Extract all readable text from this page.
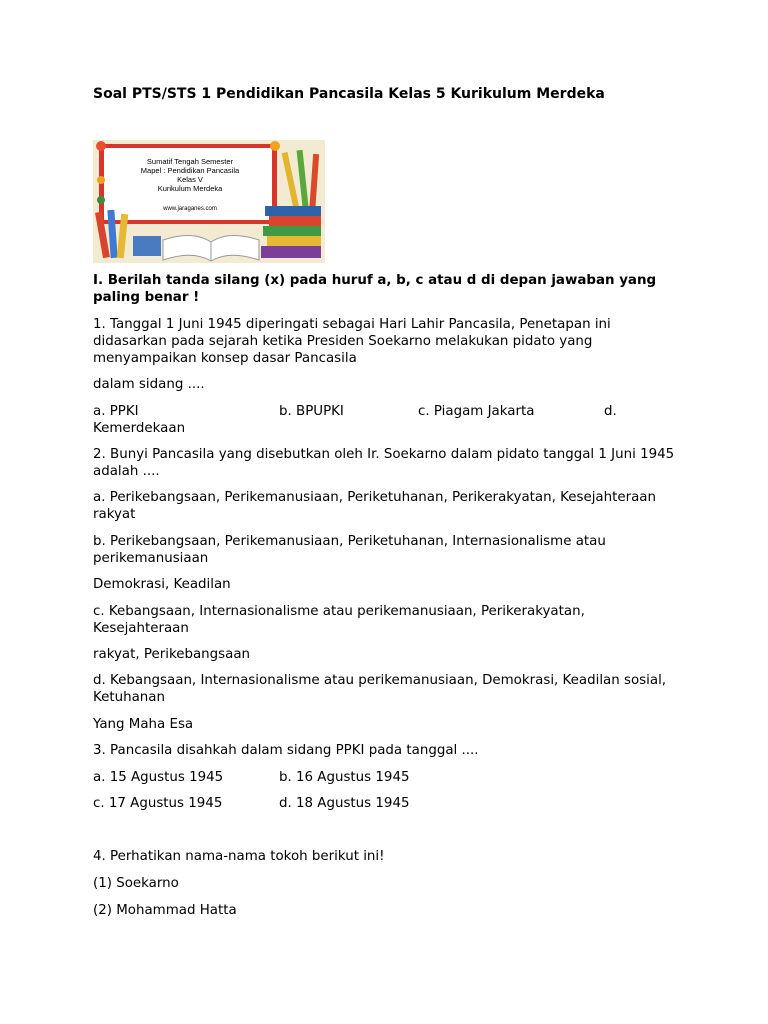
Soal PTS/STS 1 Pendidikan Pancasila Kelas 5 Kurikulum Merdeka
Sumatif Tengah Semester
Mapel : Pendidikan Pancasila
Kelas V
Kurikulum Merdeka
www.jaraganes.com
I. Berilah tanda silang (x) pada huruf a, b, c atau d di depan jawaban yang paling benar !
1. Tanggal 1 Juni 1945 diperingati sebagai Hari Lahir Pancasila, Penetapan ini didasarkan pada sejarah ketika Presiden Soekarno melakukan pidato yang menyampaikan konsep dasar Pancasila
dalam sidang ....
a. PPKI	b. BPUPKI	c. Piagam Jakarta	d.
Kemerdekaan
2. Bunyi Pancasila yang disebutkan oleh Ir. Soekarno dalam pidato tanggal 1 Juni 1945 adalah ....
a. Perikebangsaan, Perikemanusiaan, Periketuhanan, Perikerakyatan, Kesejahteraan rakyat
b. Perikebangsaan, Perikemanusiaan, Periketuhanan, Internasionalisme atau perikemanusiaan
Demokrasi, Keadilan
c. Kebangsaan, Internasionalisme atau perikemanusiaan, Perikerakyatan, Kesejahteraan
rakyat, Perikebangsaan
d. Kebangsaan, Internasionalisme atau perikemanusiaan, Demokrasi, Keadilan sosial, Ketuhanan
Yang Maha Esa
3. Pancasila disahkah dalam sidang PPKI pada tanggal ....
a. 15 Agustus 1945	b. 16 Agustus 1945
c. 17 Agustus 1945	d. 18 Agustus 1945
4. Perhatikan nama-nama tokoh berikut ini!
(1) Soekarno
(2) Mohammad Hatta
